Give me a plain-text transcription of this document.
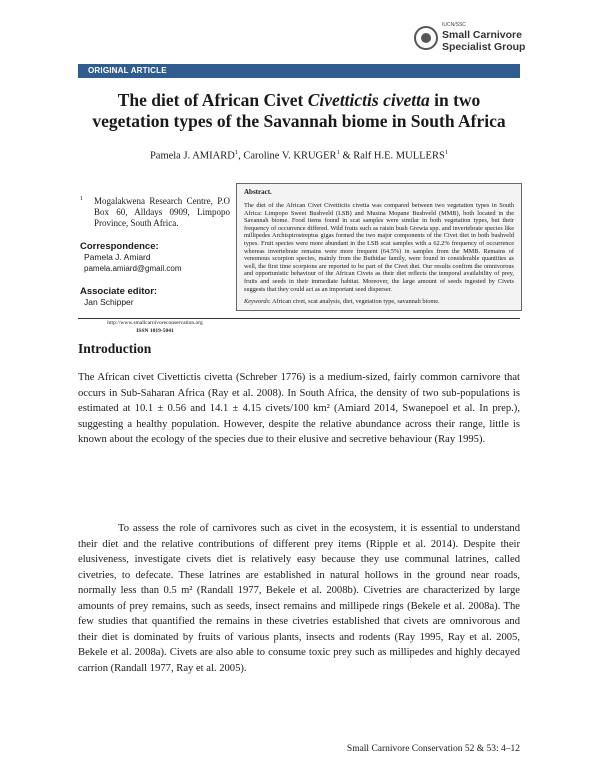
IUCN/SSC
Small Carnivore
Specialist Group
ORIGINAL ARTICLE
The diet of African Civet Civettictis civetta in two vegetation types of the Savannah biome in South Africa
Pamela J. AMIARD$^1$, Caroline V. KRUGER$^1$ & Ralf H.E. MULLERS$^1$
1 Mogalakwena Research Centre, P.O Box 60, Alldays 0909, Limpopo Province, South Africa.
Correspondence:
Pamela J. Amiard
pamela.amiard@gmail.com
Associate editor:
Jan Schipper
http://www.smallcarnivoreconservation.org
ISSN 1019-5041
Abstract.
The diet of the African Civet Civettictis civetta was compared between two vegetation types in South Africa: Limpopo Sweet Bushveld (LSB) and Musina Mopane Bushveld (MMB), both located in the Savannah biome. Food items found in scat samples were similar in both vegetation types, but their frequency of occurrence differed. Wild fruits such as raisin bush Grewia spp. and invertebrate species like millipedes Archispirostreptus gigas formed the two major components of the Civet diet in both bushveld types. Fruit species were more abundant in the LSB scat samples with a 62.2% frequency of occurrence whereas invertebrate remains were more frequent (64.5%) in samples from the MMB. Remains of venomous scorpion species, mainly from the Buthidae family, were found in considerable quantities as well, the first time scorpions are reported to be part of the Civet diet. Our results confirm the omnivorous and opportunistic behaviour of the African Civets as their diet reflects the temporal availability of prey, fruits and seeds in their immediate habitat. Moreover, the large amount of seeds ingested by Civets suggests that they could act as an important seed disperser.
Keywords: African civet, scat analysis, diet, vegetation type, savannah biome.
Introduction
The African civet Civettictis civetta (Schreber 1776) is a medium-sized, fairly common carnivore that occurs in Sub-Saharan Africa (Ray et al. 2008). In South Africa, the density of two sub-populations is estimated at 10.1 ± 0.56 and 14.1 ± 4.15 civets/100 km² (Amiard 2014, Swanepoel et al. In prep.), suggesting a healthy population. However, despite the relative abundance across their range, little is known about the ecology of the species due to their elusive and secretive behaviour (Ray 1995).
To assess the role of carnivores such as civet in the ecosystem, it is essential to understand their diet and the relative contributions of different prey items (Ripple et al. 2014). Despite their elusiveness, investigate civets diet is relatively easy because they use communal latrines, called civetries, to defecate. These latrines are established in natural hollows in the ground near roads, normally less than 0.5 m² (Randall 1977, Bekele et al. 2008b). Civetries are characterized by large amounts of prey remains, such as seeds, insect remains and millipede rings (Bekele et al. 2008a). The few studies that quantified the remains in these civetries established that civets are omnivorous and their diet is dominated by fruits of various plants, insects and rodents (Ray 1995, Ray et al. 2005, Bekele et al. 2008a). Civets are also able to consume toxic prey such as millipedes and highly decayed carrion (Randall 1977, Ray et al. 2005).
Small Carnivore Conservation 52 & 53: 4–12
